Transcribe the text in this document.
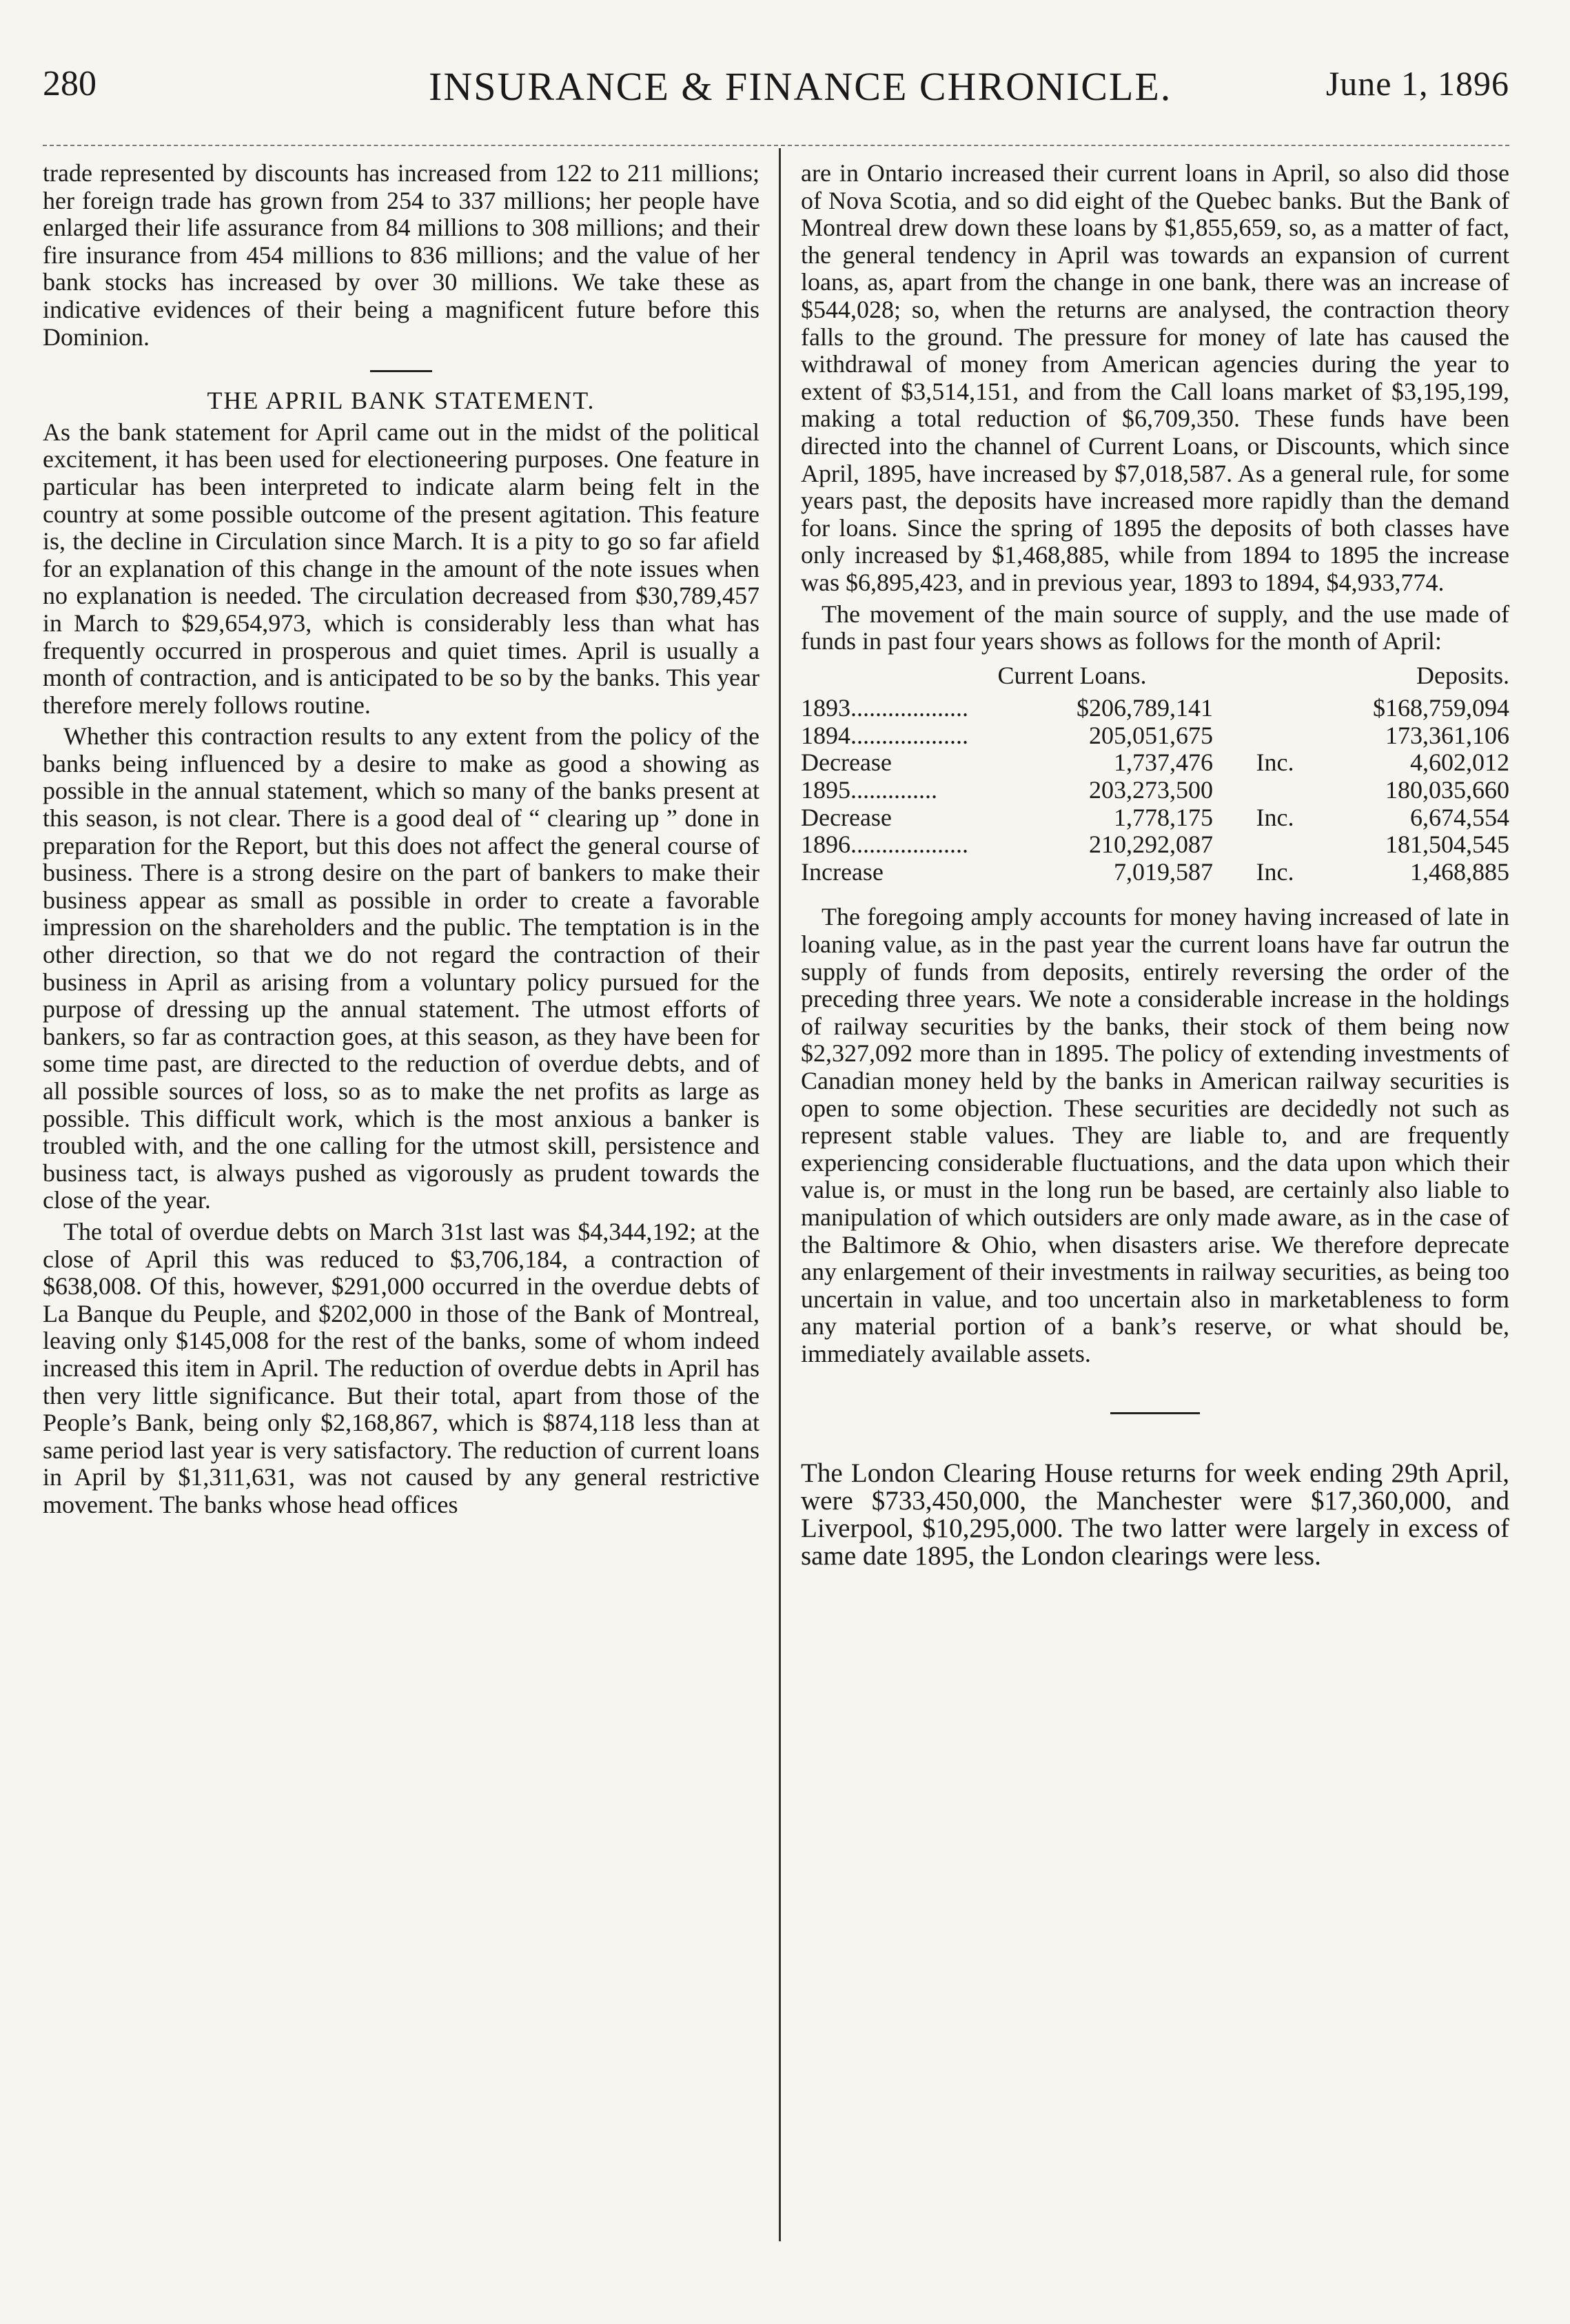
280	INSURANCE & FINANCE CHRONICLE.	June 1, 1896

trade represented by discounts has increased from 122 to 211 millions; her foreign trade has grown from 254 to 337 millions; her people have enlarged their life assurance from 84 millions to 308 millions; and their fire insurance from 454 millions to 836 millions; and the value of her bank stocks has increased by over 30 millions. We take these as indicative evidences of their being a magnificent future before this Dominion.

THE APRIL BANK STATEMENT.

As the bank statement for April came out in the midst of the political excitement, it has been used for electioneering purposes. One feature in particular has been interpreted to indicate alarm being felt in the country at some possible outcome of the present agitation. This feature is, the decline in Circulation since March. It is a pity to go so far afield for an explanation of this change in the amount of the note issues when no explanation is needed. The circulation decreased from $30,789,457 in March to $29,654,973, which is considerably less than what has frequently occurred in prosperous and quiet times. April is usually a month of contraction, and is anticipated to be so by the banks. This year therefore merely follows routine.

Whether this contraction results to any extent from the policy of the banks being influenced by a desire to make as good a showing as possible in the annual statement, which so many of the banks present at this season, is not clear. There is a good deal of “ clearing up ” done in preparation for the Report, but this does not affect the general course of business. There is a strong desire on the part of bankers to make their business appear as small as possible in order to create a favorable impression on the shareholders and the public. The temptation is in the other direction, so that we do not regard the contraction of their business in April as arising from a voluntary policy pursued for the purpose of dressing up the annual statement. The utmost efforts of bankers, so far as contraction goes, at this season, as they have been for some time past, are directed to the reduction of overdue debts, and of all possible sources of loss, so as to make the net profits as large as possible. This difficult work, which is the most anxious a banker is troubled with, and the one calling for the utmost skill, persistence and business tact, is always pushed as vigorously as prudent towards the close of the year.

The total of overdue debts on March 31st last was $4,344,192; at the close of April this was reduced to $3,706,184, a contraction of $638,008. Of this, however, $291,000 occurred in the overdue debts of La Banque du Peuple, and $202,000 in those of the Bank of Montreal, leaving only $145,008 for the rest of the banks, some of whom indeed increased this item in April. The reduction of overdue debts in April has then very little significance. But their total, apart from those of the People’s Bank, being only $2,168,867, which is $874,118 less than at same period last year is very satisfactory. The reduction of current loans in April by $1,311,631, was not caused by any general restrictive movement. The banks whose head offices

are in Ontario increased their current loans in April, so also did those of Nova Scotia, and so did eight of the Quebec banks. But the Bank of Montreal drew down these loans by $1,855,659, so, as a matter of fact, the general tendency in April was towards an expansion of current loans, as, apart from the change in one bank, there was an increase of $544,028; so, when the returns are analysed, the contraction theory falls to the ground. The pressure for money of late has caused the withdrawal of money from American agencies during the year to extent of $3,514,151, and from the Call loans market of $3,195,199, making a total reduction of $6,709,350. These funds have been directed into the channel of Current Loans, or Discounts, which since April, 1895, have increased by $7,018,587. As a general rule, for some years past, the deposits have increased more rapidly than the demand for loans. Since the spring of 1895 the deposits of both classes have only increased by $1,468,885, while from 1894 to 1895 the increase was $6,895,423, and in previous year, 1893 to 1894, $4,933,774.

The movement of the main source of supply, and the use made of funds in past four years shows as follows for the month of April:

	Current Loans.			Deposits.
1893...................		$206,789,141		$168,759,094
1894...................		205,051,675		173,361,106
Decrease		1,737,476	Inc.	4,602,012
1895..............		203,273,500		180,035,660
Decrease		1,778,175	Inc.	6,674,554
1896...................		210,292,087		181,504,545
Increase		7,019,587	Inc.	1,468,885

The foregoing amply accounts for money having increased of late in loaning value, as in the past year the current loans have far outrun the supply of funds from deposits, entirely reversing the order of the preceding three years. We note a considerable increase in the holdings of railway securities by the banks, their stock of them being now $2,327,092 more than in 1895. The policy of extending investments of Canadian money held by the banks in American railway securities is open to some objection. These securities are decidedly not such as represent stable values. They are liable to, and are frequently experiencing considerable fluctuations, and the data upon which their value is, or must in the long run be based, are certainly also liable to manipulation of which outsiders are only made aware, as in the case of the Baltimore & Ohio, when disasters arise. We therefore deprecate any enlargement of their investments in railway securities, as being too uncertain in value, and too uncertain also in marketableness to form any material portion of a bank’s reserve, or what should be, immediately available assets.

The London Clearing House returns for week ending 29th April, were $733,450,000, the Manchester were $17,360,000, and Liverpool, $10,295,000. The two latter were largely in excess of same date 1895, the London clearings were less.
